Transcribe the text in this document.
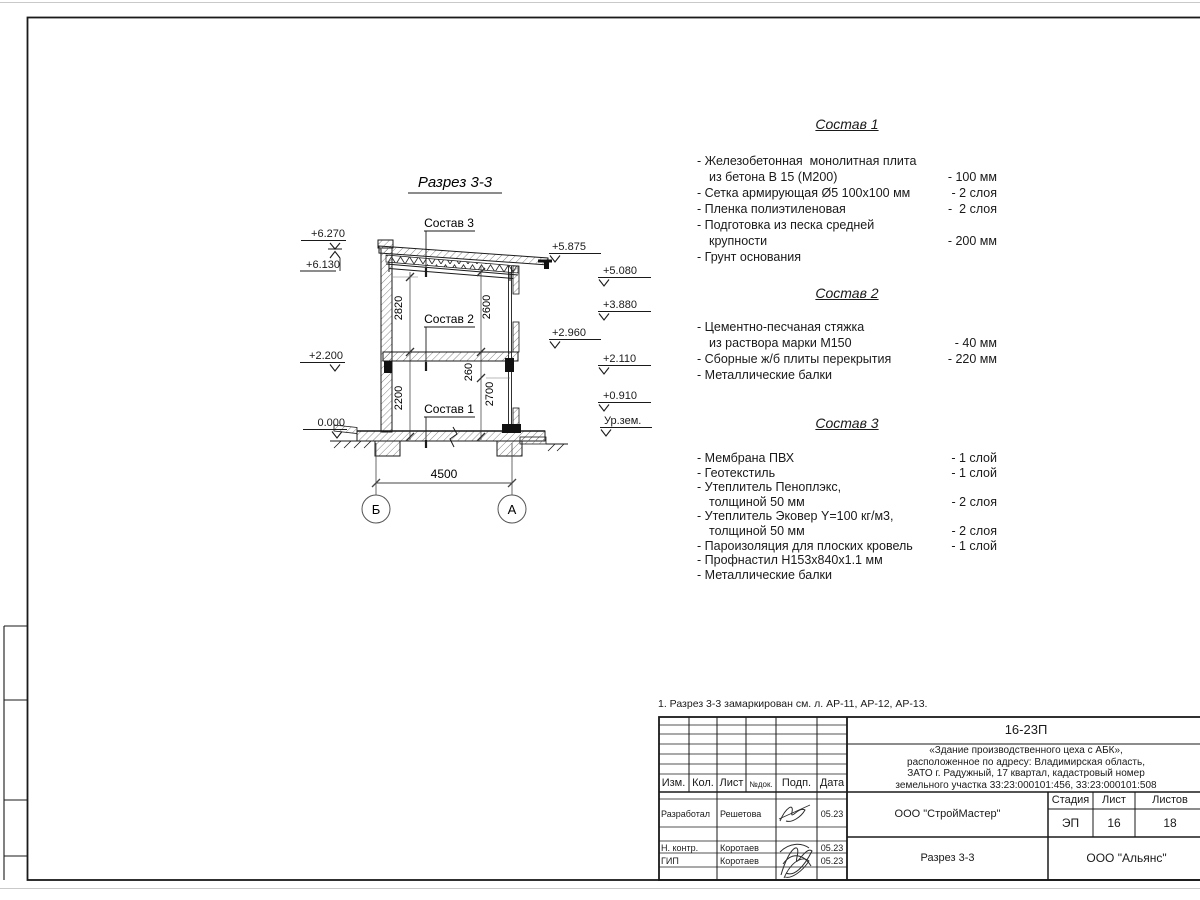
Разрез 3-3
Состав 3
Состав 2
Состав 1
2820
2200
2600
260
2700
4500
Б	А
+6.270
+6.130
+2.200
0.000
+5.875
+5.080
+3.880
+2.960
+2.110
+0.910
Ур.зем.
1. Разрез 3-3 замаркирован см. л. АР-11, АР-12, АР-13.
Состав 1
- Железобетонная  монолитная плита
из бетона В 15 (М200)	- 100 мм
- Сетка армирующая Ø5 100х100 мм	- 2 слоя
- Пленка полиэтиленовая	-  2 слоя
- Подготовка из песка средней
крупности	- 200 мм
- Грунт основания
Состав 2
- Цементно-песчаная стяжка
из раствора марки М150	- 40 мм
- Сборные ж/б плиты перекрытия	- 220 мм
- Металлические балки
Состав 3
- Мембрана ПВХ	- 1 слой
- Геотекстиль	- 1 слой
- Утеплитель Пеноплэкс,
толщиной 50 мм	- 2 слоя
- Утеплитель Эковер Y=100 кг/м3,
толщиной 50 мм	- 2 слоя
- Пароизоляция для плоских кровель	- 1 слой
- Профнастил Н153х840х1.1 мм
- Металлические балки
16-23П
«Здание производственного цеха с АБК»,
расположенное по адресу: Владимирская область,
ЗАТО г. Радужный, 17 квартал, кадастровый номер
земельного участка 33:23:000101:456, 33:23:000101:508
Изм. Кол. Лист №док. Подп. Дата
Разработал Решетова	05.23
Н. контр. Коротаев	05.23
ГИП	Коротаев	05.23
ООО "СтройМастер"
Стадия	Лист	Листов
ЭП	16	18
Разрез 3-3	ООО "Альянс"
